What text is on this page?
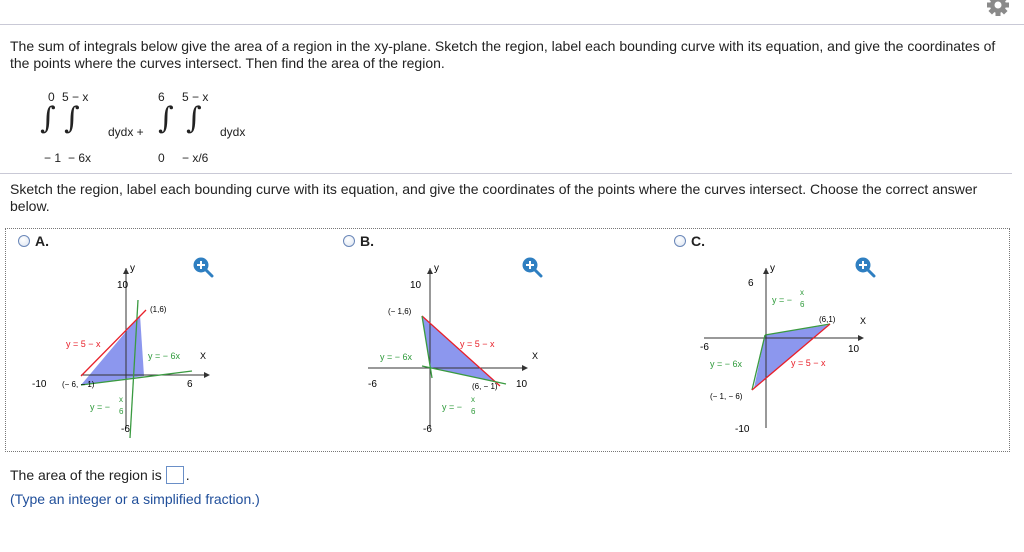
The sum of integrals below give the area of a region in the xy-plane. Sketch the region, label each bounding curve with its equation, and give the coordinates of the points where the curves intersect. Then find the area of the region.
0 5 − x
∫ ∫ dydx +
− 1 − 6x
6 5 − x
∫ ∫ dydx
0 − x/6
Sketch the region, label each bounding curve with its equation, and give the coordinates of the points where the curves intersect. Choose the correct answer below.
A.
10
y
X
-10	6
-6
(1,6)
(− 6, − 1)
y = 5 − x
y = − 6x
y = −
x
6
B.
10
y
X
-6	10
-6
(− 1,6)
(6, − 1)
y = 5 − x
y = − 6x
y = −
x
6
C.
6
y
X
-6	10
-10
(6,1)
(− 1, − 6)
y = 5 − x
y = − 6x
y = −
x
6
The area of the region is .
(Type an integer or a simplified fraction.)
